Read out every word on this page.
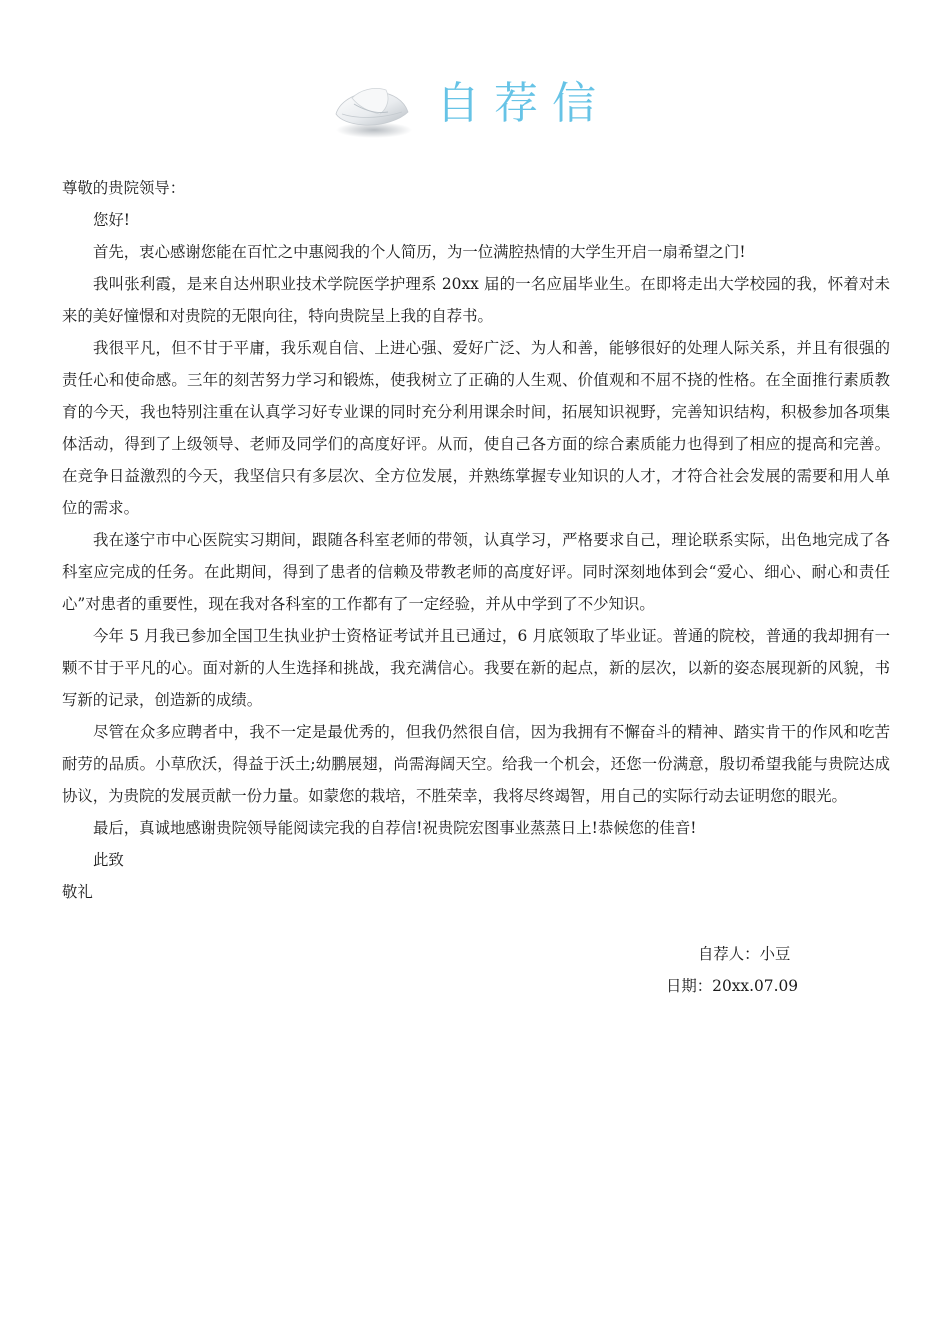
自荐信

尊敬的贵院领导：

您好!

首先，衷心感谢您能在百忙之中惠阅我的个人简历，为一位满腔热情的大学生开启一扇希望之门!

我叫张利霞，是来自达州职业技术学院医学护理系 20xx 届的一名应届毕业生。在即将走出大学校园的我，怀着对未来的美好憧憬和对贵院的无限向往，特向贵院呈上我的自荐书。

我很平凡，但不甘于平庸，我乐观自信、上进心强、爱好广泛、为人和善，能够很好的处理人际关系，并且有很强的责任心和使命感。三年的刻苦努力学习和锻炼，使我树立了正确的人生观、价值观和不屈不挠的性格。在全面推行素质教育的今天，我也特别注重在认真学习好专业课的同时充分利用课余时间，拓展知识视野，完善知识结构，积极参加各项集体活动，得到了上级领导、老师及同学们的高度好评。从而，使自己各方面的综合素质能力也得到了相应的提高和完善。在竞争日益激烈的今天，我坚信只有多层次、全方位发展，并熟练掌握专业知识的人才，才符合社会发展的需要和用人单位的需求。

我在遂宁市中心医院实习期间，跟随各科室老师的带领，认真学习，严格要求自己，理论联系实际，出色地完成了各科室应完成的任务。在此期间，得到了患者的信赖及带教老师的高度好评。同时深刻地体到会“爱心、细心、耐心和责任心”对患者的重要性，现在我对各科室的工作都有了一定经验，并从中学到了不少知识。

今年 5 月我已参加全国卫生执业护士资格证考试并且已通过，6 月底领取了毕业证。普通的院校，普通的我却拥有一颗不甘于平凡的心。面对新的人生选择和挑战，我充满信心。我要在新的起点，新的层次，以新的姿态展现新的风貌，书写新的记录，创造新的成绩。

尽管在众多应聘者中，我不一定是最优秀的，但我仍然很自信，因为我拥有不懈奋斗的精神、踏实肯干的作风和吃苦耐劳的品质。小草欣沃，得益于沃土;幼鹏展翅，尚需海阔天空。给我一个机会，还您一份满意，殷切希望我能与贵院达成协议，为贵院的发展贡献一份力量。如蒙您的栽培，不胜荣幸，我将尽终竭智，用自己的实际行动去证明您的眼光。

最后，真诚地感谢贵院领导能阅读完我的自荐信!祝贵院宏图事业蒸蒸日上!恭候您的佳音!

此致

敬礼

自荐人：小豆
日期：20xx.07.09
